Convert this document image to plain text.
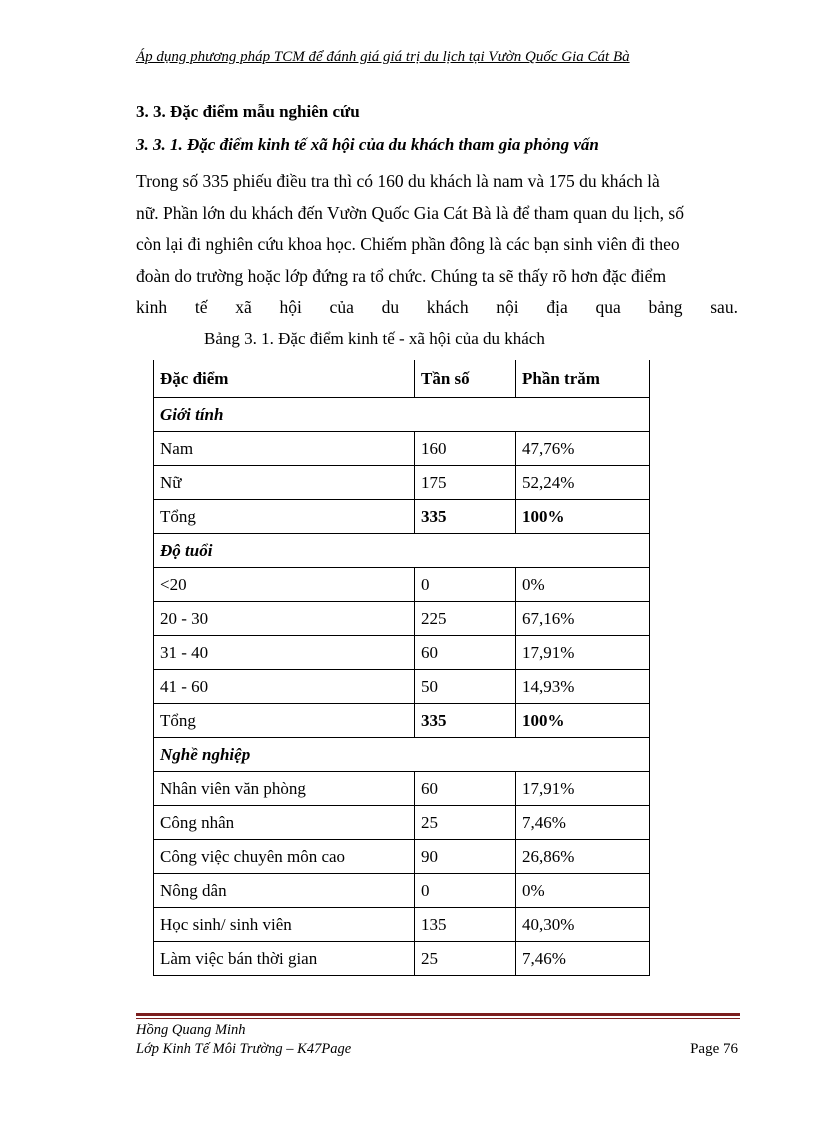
Áp dụng phương pháp TCM để đánh giá giá trị du lịch tại Vườn Quốc Gia Cát Bà
3. 3. Đặc điểm mẫu nghiên cứu
3. 3. 1. Đặc điểm kinh tế xã hội của du khách tham gia phỏng vấn
Trong số 335 phiếu điều tra thì có 160 du khách là nam và 175 du khách là
nữ. Phần lớn du khách đến Vườn Quốc Gia Cát Bà là để tham quan du lịch, số
còn lại đi nghiên cứu khoa học. Chiếm phần đông là các bạn sinh viên đi theo
đoàn do trường hoặc lớp đứng ra tổ chức. Chúng ta sẽ thấy rõ hơn đặc điểm
kinh tế xã hội của du khách nội địa qua bảng sau.
Bảng 3. 1. Đặc điểm kinh tế - xã hội của du khách
Đặc điểm	Tần số	Phần trăm
Giới tính		
Nam	160	47,76%
Nữ	175	52,24%
Tổng	335	100%
Độ tuổi		
<20	0	0%
20 - 30	225	67,16%
31 - 40	60	17,91%
41 - 60	50	14,93%
Tổng	335	100%
Nghề nghiệp		
Nhân viên văn phòng	60	17,91%
Công nhân	25	7,46%
Công việc chuyên môn cao	90	26,86%
Nông dân	0	0%
Học sinh/ sinh viên	135	40,30%
Làm việc bán thời gian	25	7,46%
Hồng Quang Minh
Lớp Kinh Tế Môi Trường – K47Page	Page 76
